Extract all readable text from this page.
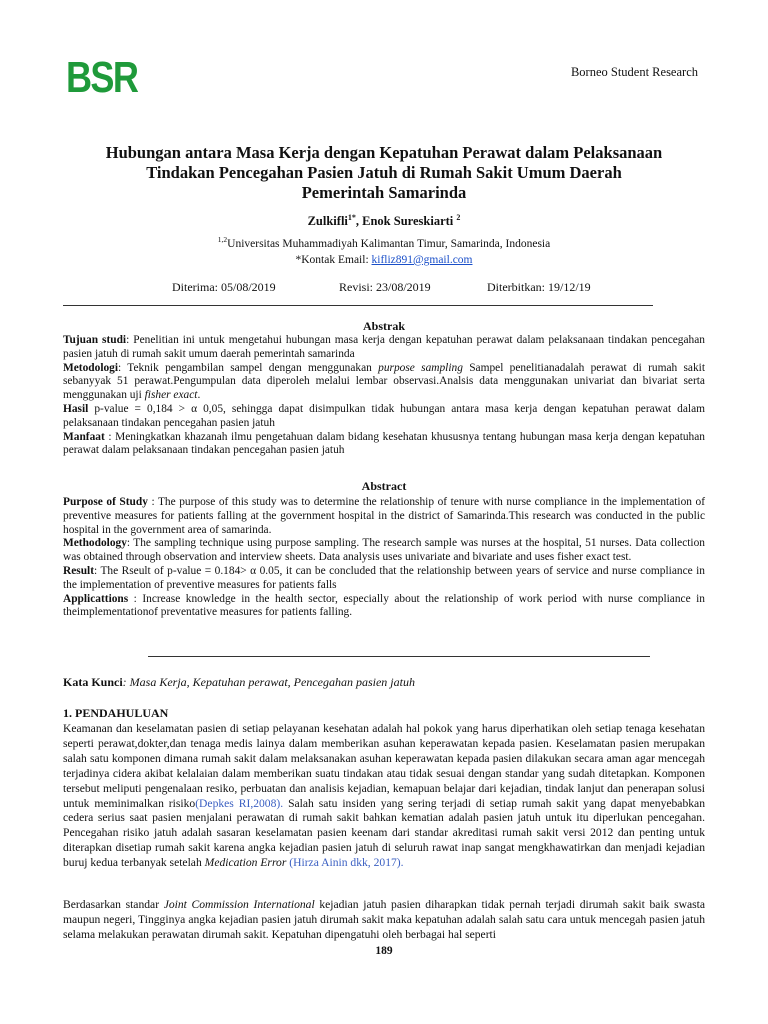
BSR	Borneo Student Research
Hubungan antara Masa Kerja dengan Kepatuhan Perawat dalam Pelaksanaan
Tindakan Pencegahan Pasien Jatuh di Rumah Sakit Umum Daerah
Pemerintah Samarinda
Zulkifli$^{1*}$, Enok Sureskiarti $^2$
$^{1,2}$Universitas Muhammadiyah Kalimantan Timur, Samarinda, Indonesia
*Kontak Email: kifliz891@gmail.com
Diterima: 05/08/2019	Revisi: 23/08/2019	Diterbitkan: 19/12/19
Abstrak

Tujuan studi: Penelitian ini untuk mengetahui hubungan masa kerja dengan kepatuhan perawat dalam pelaksanaan tindakan pencegahan pasien jatuh di rumah sakit umum daerah pemerintah samarinda

Metodologi: Teknik pengambilan sampel dengan menggunakan purpose sampling Sampel penelitianadalah perawat di rumah sakit sebanyyak 51 perawat.Pengumpulan data diperoleh melalui lembar observasi.Analsis data menggunakan univariat dan bivariat serta menggunakan uji fisher exact.

Hasil p-value = 0,184 > α 0,05, sehingga dapat disimpulkan tidak hubungan antara masa kerja dengan kepatuhan perawat dalam pelaksanaan tindakan pencegahan pasien jatuh

Manfaat : Meningkatkan khazanah ilmu pengetahuan dalam bidang kesehatan khususnya tentang hubungan masa kerja dengan kepatuhan perawat dalam pelaksanaan tindakan pencegahan pasien jatuh

Abstract

Purpose of Study : The purpose of this study was to determine the relationship of tenure with nurse compliance in the implementation of preventive measures for patients falling at the government hospital in the district of Samarinda.This research was conducted in the public hospital in the government area of samarinda.

Methodology: The sampling technique using purpose sampling. The research sample was nurses at the hospital, 51 nurses. Data collection was obtained through observation and interview sheets. Data analysis uses univariate and bivariate and uses fisher exact test.

Result: The Rseult of p-value = 0.184> α 0.05, it can be concluded that the relationship between years of service and nurse compliance in the implementation of preventive measures for patients falls

Applicattions : Increase knowledge in the health sector, especially about the relationship of work period with nurse compliance in theimplementationof preventative measures for patients falling.

Kata Kunci: Masa Kerja, Kepatuhan perawat, Pencegahan pasien jatuh
1. PENDAHULUAN

Keamanan dan keselamatan pasien di setiap pelayanan kesehatan adalah hal pokok yang harus diperhatikan oleh setiap tenaga kesehatan seperti perawat,dokter,dan tenaga medis lainya dalam memberikan asuhan keperawatan kepada pasien. Keselamatan pasien merupakan salah satu komponen dimana rumah sakit dalam melaksanakan asuhan keperawatan kepada pasien dilakukan secara aman agar mencegah terjadinya cidera akibat kelalaian dalam memberikan suatu tindakan atau tidak sesuai dengan standar yang sudah ditetapkan. Komponen tersebut meliputi pengenalaan resiko, perbuatan dan analisis kejadian, kemapuan belajar dari kejadian, tindak lanjut dan penerapan solusi untuk meminimalkan risiko(Depkes RI,2008). Salah satu insiden yang sering terjadi di setiap rumah sakit yang dapat menyebabkan cedera serius saat pasien menjalani perawatan di rumah sakit bahkan kematian adalah pasien jatuh untuk itu diperlukan pencegahan. Pencegahan risiko jatuh adalah sasaran keselamatan pasien keenam dari standar akreditasi rumah sakit versi 2012 dan penting untuk diterapkan disetiap rumah sakit karena angka kejadian pasien jatuh di seluruh rawat inap sangat mengkhawatirkan dan menjadi kejadian buruj kedua terbanyak setelah Medication Error (Hirza Ainin dkk, 2017).

Berdasarkan standar Joint Commission International kejadian jatuh pasien diharapkan tidak pernah terjadi dirumah sakit baik swasta maupun negeri, Tingginya angka kejadian pasien jatuh dirumah sakit maka kepatuhan adalah salah satu cara untuk mencegah pasien jatuh selama melakukan perawatan dirumah sakit. Kepatuhan dipengatuhi oleh berbagai hal seperti

189
